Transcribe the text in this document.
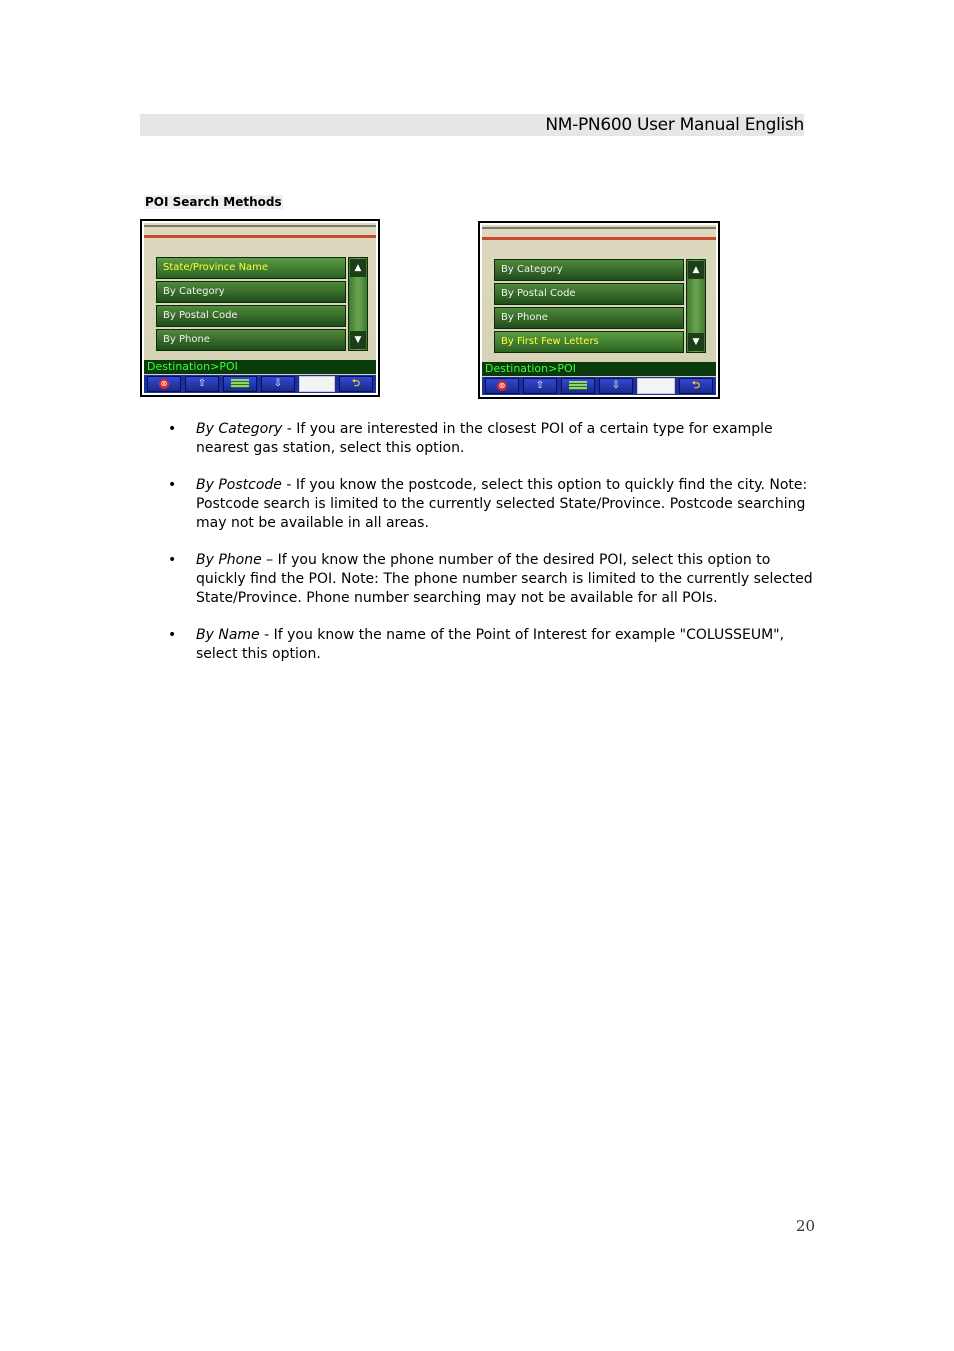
NM-PN600 User Manual English
POI Search Methods
State/Province Name
By Category
By Postal Code
By Phone
▲
▼
Destination>POI
⊗	⇧	⇩	⮌
By Category
By Postal Code
By Phone
By First Few Letters
▲
▼
Destination>POI
⊗	⇧	⇩	⮌
• By Category - If you are interested in the closest POI of a certain type for example
nearest gas station, select this option.
• By Postcode - If you know the postcode, select this option to quickly find the city. Note:
Postcode search is limited to the currently selected State/Province. Postcode searching
may not be available in all areas.
• By Phone – If you know the phone number of the desired POI, select this option to
quickly find the POI. Note: The phone number search is limited to the currently selected
State/Province. Phone number searching may not be available for all POIs.
• By Name - If you know the name of the Point of Interest for example "COLUSSEUM",
select this option.
20
